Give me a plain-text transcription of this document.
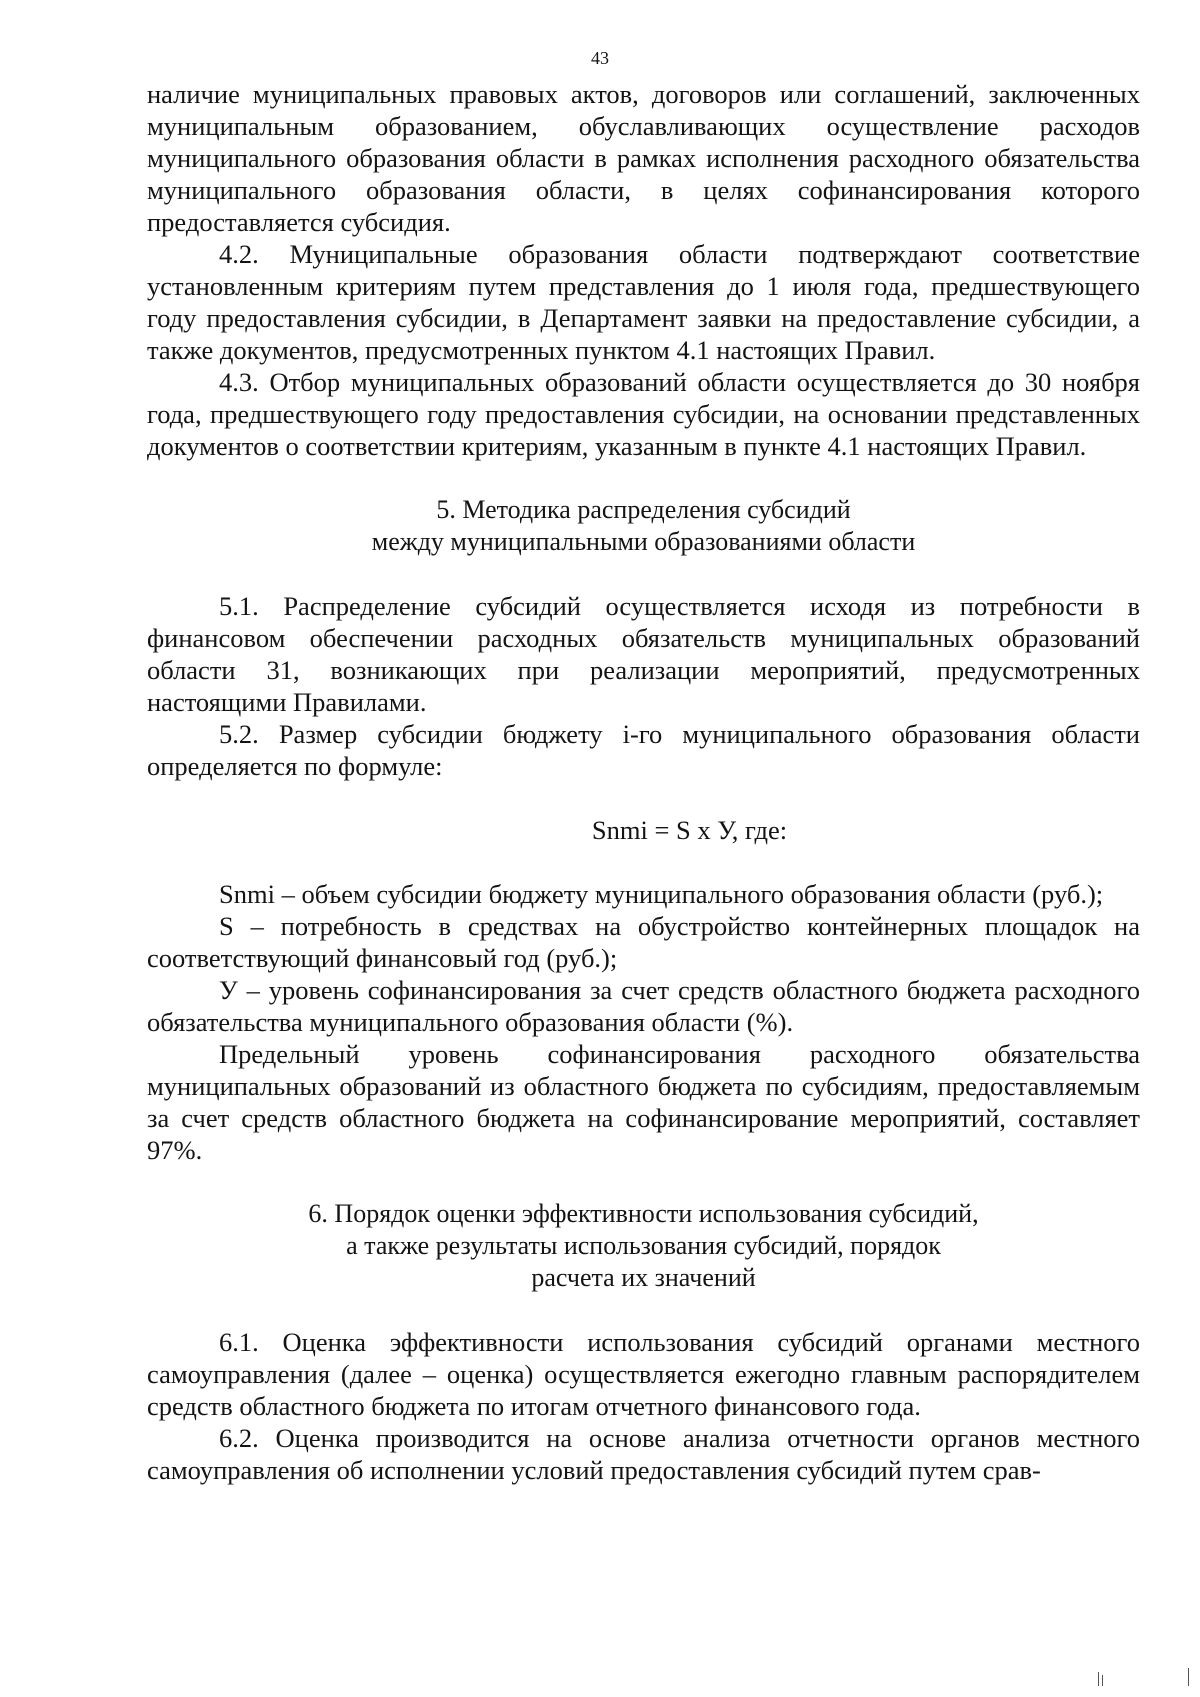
43

наличие муниципальных правовых актов, договоров или соглашений, заключенных муниципальным образованием, обуславливающих осуществление расходов муниципального образования области в рамках исполнения расходного обязательства муниципального образования области, в целях софинансирования которого предоставляется субсидия.

4.2. Муниципальные образования области подтверждают соответствие установленным критериям путем представления до 1 июля года, предшествующего году предоставления субсидии, в Департамент заявки на предоставление субсидии, а также документов, предусмотренных пунктом 4.1 настоящих Правил.

4.3. Отбор муниципальных образований области осуществляется до 30 ноября года, предшествующего году предоставления субсидии, на основании представленных документов о соответствии критериям, указанным в пункте 4.1 настоящих Правил.

5. Методика распределения субсидий

между муниципальными образованиями области

5.1. Распределение субсидий осуществляется исходя из потребности в финансовом обеспечении расходных обязательств муниципальных образований области 31, возникающих при реализации мероприятий, предусмотренных настоящими Правилами.

5.2. Размер субсидии бюджету i-го муниципального образования области определяется по формуле:

Snmi = S x У, где:

Snmi – объем субсидии бюджету муниципального образования области (руб.);

S – потребность в средствах на обустройство контейнерных площадок на соответствующий финансовый год (руб.);

У – уровень софинансирования за счет средств областного бюджета расходного обязательства муниципального образования области (%).

Предельный уровень софинансирования расходного обязательства муниципальных образований из областного бюджета по субсидиям, предоставляемым за счет средств областного бюджета на софинансирование мероприятий, составляет 97%.

6. Порядок оценки эффективности использования субсидий,

а также результаты использования субсидий, порядок

расчета их значений

6.1. Оценка эффективности использования субсидий органами местного самоуправления (далее – оценка) осуществляется ежегодно главным распорядителем средств областного бюджета по итогам отчетного финансового года.

6.2. Оценка производится на основе анализа отчетности органов местного самоуправления об исполнении условий предоставления субсидий путем срав-
